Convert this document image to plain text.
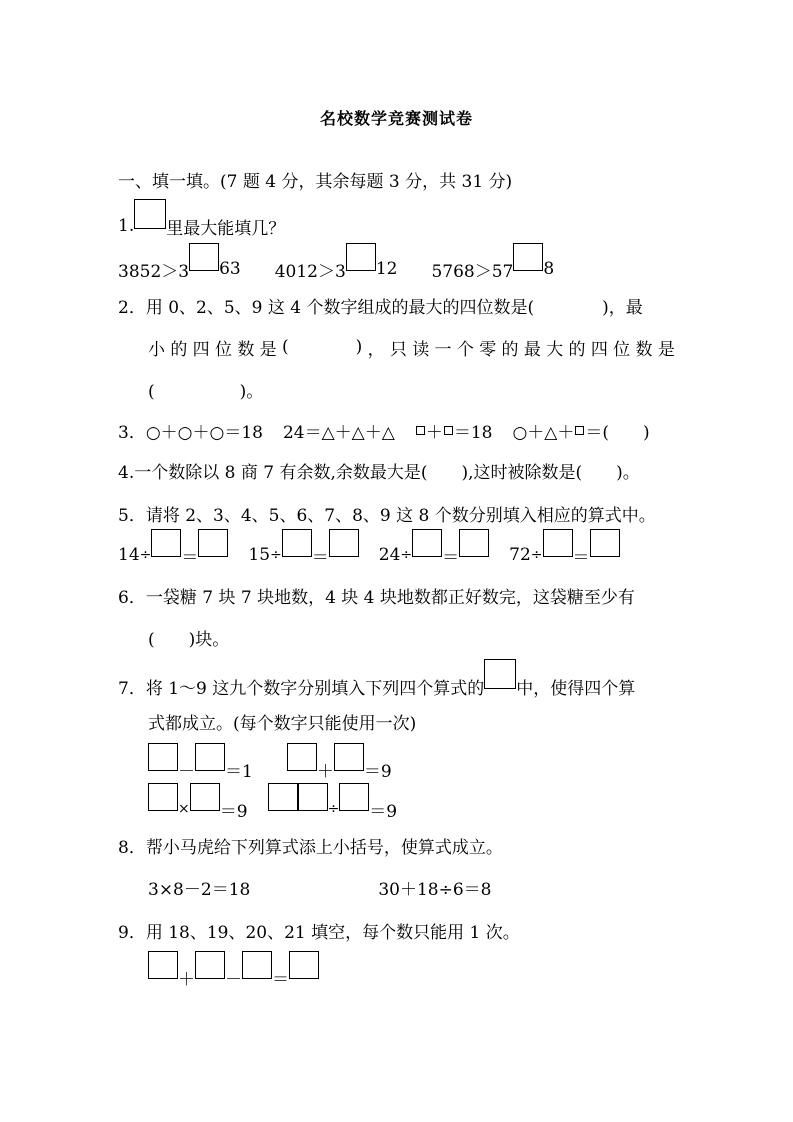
名校数学竞赛测试卷
一、填一填。(7 题 4 分，其余每题 3 分，共 31 分)
1. 里最大能填几？
3852＞3 63 4012＞3 12 5768＞57 8
2．用 0、2、5、9 这 4 个数字组成的最大的四位数是(　　　　)，最
小 的 四 位 数 是 (

　	) ， 只 读 一 个 零 的 最 大 的 四 位 数 是
(　　　　　)。
3． ○＋○＋○＝18 24＝△＋△＋△ ＋ ＝18 ○＋△＋ ＝(　　)
4.一个数除以 8 商 7 有余数,余数最大是(　　),这时被除数是(　　)。
5．请将 2、3、4、5、6、7、8、9 这 8 个数分别填入相应的算式中。
14 ÷ ＝	15 ÷ ＝	24 ÷ ＝	72 ÷ ＝
6．一袋糖 7 块 7 块地数，4 块 4 块地数都正好数完，这袋糖至少有
(　　)块。
7．将 1～9 这九个数字分别填入下列四个算式的 中，使得四个算
式都成立。(每个数字只能使用一次)
－ ＝1	＋ ＝9
× ＝9	÷ ＝9
8．帮小马虎给下列算式添上小括号，使算式成立。
3×8－2＝18	30＋18÷6＝8
9．用 18、19、20、21 填空，每个数只能用 1 次。
＋ － ＝
